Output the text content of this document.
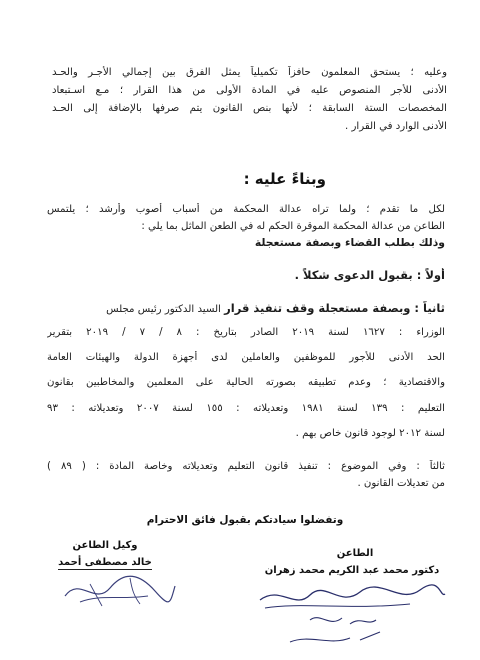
وعليه ؛ يستحق المعلمون حافزاً تكميلياً يمثل الفرق بين إجمالي الأجـر والحـد
الأدنى للأجر المنصوص عليه في المادة الأولى من هذا القرار ؛ مـع اسـتبعاد
المخصصات الستة السابقة ؛ لأنها بنص القانون يتم صرفها بالإضافة إلى الحـد
الأدنى الوارد في القرار .
وبناءً عليه :
لكل ما تقدم ؛ ولما تراه عدالة المحكمة من أسباب أصوب وأرشد ؛ يلتمس
الطاعن من عدالة المحكمة الموقرة الحكم له في الطعن الماثل بما يلي :
وذلك بطلب القضاء وبصفة مستعجلة
أولاً : بقبول الدعوى شكلاً .
ثانياً : وبصفة مستعجلة وقف تنفيذ قرار السيد الدكتور رئيس مجلس
الوزراء : ١٦٢٧ لسنة ٢٠١٩ الصادر بتاريخ : ٨ / ٧ / ٢٠١٩ بتقرير
الحد الأدنى للأجور للموظفين والعاملين لدى أجهزة الدولة والهيئات العامة
والاقتصادية ؛ وعدم تطبيقه بصورته الحالية على المعلمين والمخاطبين بقانون
التعليم : ١٣٩ لسنة ١٩٨١ وتعديلاته : ١٥٥ لسنة ٢٠٠٧ وتعديلاته : ٩٣
لسنة ٢٠١٢ لوجود قانون خاص بهم .
ثالثاً : وفي الموضوع : تنفيذ قانون التعليم وتعديلاته وخاصة المادة : ( ٨٩ )
من تعديلات القانون .
وتفضلوا سيادتكم بقبول فائق الاحترام
وكيل الطاعن
خالد مصطفى أحمد
الطاعن
دكتور محمد عبد الكريم محمد زهران
